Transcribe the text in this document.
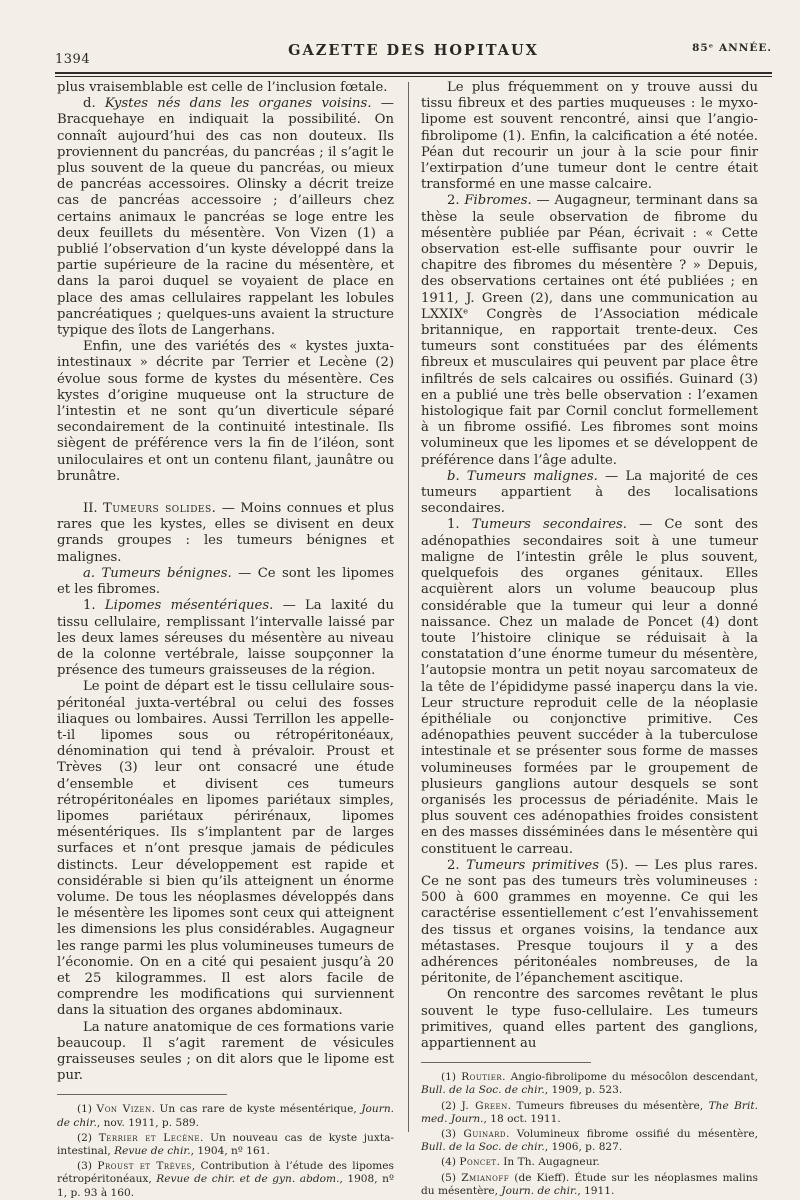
1394
GAZETTE DES HOPITAUX	85ᵉ ANNÉE.

plus vraisemblable est celle de l’inclusion fœtale.

d. Kystes nés dans les organes voisins. — Bracquehaye en indiquait la possibilité. On connaît aujourd’hui des cas non douteux. Ils proviennent du pancréas, du pancréas ; il s’agit le plus souvent de la queue du pancréas, ou mieux de pancréas accessoires. Olinsky a décrit treize cas de pancréas accessoire ; d’ailleurs chez certains animaux le pancréas se loge entre les deux feuillets du mésentère. Von Vizen (1) a publié l’observation d’un kyste développé dans la partie supérieure de la racine du mésentère, et dans la paroi duquel se voyaient de place en place des amas cellulaires rappelant les lobules pancréatiques ; quelques-uns avaient la structure typique des îlots de Langerhans.

Enfin, une des variétés des « kystes juxta-intestinaux » décrite par Terrier et Lecène (2) évolue sous forme de kystes du mésentère. Ces kystes d’origine muqueuse ont la structure de l’intestin et ne sont qu’un diverticule séparé secondairement de la continuité intestinale. Ils siègent de préférence vers la fin de l’iléon, sont uniloculaires et ont un contenu filant, jaunâtre ou brunâtre.

II. Tumeurs solides. — Moins connues et plus rares que les kystes, elles se divisent en deux grands groupes : les tumeurs bénignes et malignes.

a. Tumeurs bénignes. — Ce sont les lipomes et les fibromes.

1. Lipomes mésentériques. — La laxité du tissu cellulaire, remplissant l’intervalle laissé par les deux lames séreuses du mésentère au niveau de la colonne vertébrale, laisse soupçonner la présence des tumeurs graisseuses de la région.

Le point de départ est le tissu cellulaire sous-péritonéal juxta-vertébral ou celui des fosses iliaques ou lombaires. Aussi Terrillon les appelle-t-il lipomes sous ou rétropéritonéaux, dénomination qui tend à prévaloir. Proust et Trèves (3) leur ont consacré une étude d’ensemble et divisent ces tumeurs rétropéritonéales en lipomes pariétaux simples, lipomes pariétaux périrénaux, lipomes mésentériques. Ils s’implantent par de larges surfaces et n’ont presque jamais de pédicules distincts. Leur développement est rapide et considérable si bien qu’ils atteignent un énorme volume. De tous les néoplasmes développés dans le mésentère les lipomes sont ceux qui atteignent les dimensions les plus considérables. Augagneur les range parmi les plus volumineuses tumeurs de l’économie. On en a cité qui pesaient jusqu’à 20 et 25 kilogrammes. Il est alors facile de comprendre les modifications qui surviennent dans la situation des organes abdominaux.

La nature anatomique de ces formations varie beaucoup. Il s’agit rarement de vésicules graisseuses seules ; on dit alors que le lipome est pur.

(1) Von Vizen. Un cas rare de kyste mésentérique, Journ. de chir., nov. 1911, p. 589.

(2) Terrier et Lecène. Un nouveau cas de kyste juxta-intestinal, Revue de chir., 1904, nº 161.

(3) Proust et Trèves, Contribution à l’étude des lipomes rétropéritonéaux, Revue de chir. et de gyn. abdom., 1908, nº 1, p. 93 à 160.

Le plus fréquemment on y trouve aussi du tissu fibreux et des parties muqueuses : le myxo-lipome est souvent rencontré, ainsi que l’angio-fibrolipome (1). Enfin, la calcification a été notée. Péan dut recourir un jour à la scie pour finir l’extirpation d’une tumeur dont le centre était transformé en une masse calcaire.

2. Fibromes. — Augagneur, terminant dans sa thèse la seule observation de fibrome du mésentère publiée par Péan, écrivait : « Cette observation est-elle suffisante pour ouvrir le chapitre des fibromes du mésentère ? » Depuis, des observations certaines ont été publiées ; en 1911, J. Green (2), dans une communication au LXXIXᵉ Congrès de l’Association médicale britannique, en rapportait trente-deux. Ces tumeurs sont constituées par des éléments fibreux et musculaires qui peuvent par place être infiltrés de sels calcaires ou ossifiés. Guinard (3) en a publié une très belle observation : l’examen histologique fait par Cornil conclut formellement à un fibrome ossifié. Les fibromes sont moins volumineux que les lipomes et se développent de préférence dans l’âge adulte.

b. Tumeurs malignes. — La majorité de ces tumeurs appartient à des localisations secondaires.

1. Tumeurs secondaires. — Ce sont des adénopathies secondaires soit à une tumeur maligne de l’intestin grêle le plus souvent, quelquefois des organes génitaux. Elles acquièrent alors un volume beaucoup plus considérable que la tumeur qui leur a donné naissance. Chez un malade de Poncet (4) dont toute l’histoire clinique se réduisait à la constatation d’une énorme tumeur du mésentère, l’autopsie montra un petit noyau sarcomateux de la tête de l’épididyme passé inaperçu dans la vie. Leur structure reproduit celle de la néoplasie épithéliale ou conjonctive primitive. Ces adénopathies peuvent succéder à la tuberculose intestinale et se présenter sous forme de masses volumineuses formées par le groupement de plusieurs ganglions autour desquels se sont organisés les processus de périadénite. Mais le plus souvent ces adénopathies froides consistent en des masses disséminées dans le mésentère qui constituent le carreau.

2. Tumeurs primitives (5). — Les plus rares. Ce ne sont pas des tumeurs très volumineuses : 500 à 600 grammes en moyenne. Ce qui les caractérise essentiellement c’est l’envahissement des tissus et organes voisins, la tendance aux métastases. Presque toujours il y a des adhérences péritonéales nombreuses, de la péritonite, de l’épanchement ascitique.

On rencontre des sarcomes revêtant le plus souvent le type fuso-cellulaire. Les tumeurs primitives, quand elles partent des ganglions, appartiennent au

(1) Routier. Angio-fibrolipome du mésocôlon descendant, Bull. de la Soc. de chir., 1909, p. 523.

(2) J. Green. Tumeurs fibreuses du mésentère, The Brit. med. Journ., 18 oct. 1911.

(3) Guinard. Volumineux fibrome ossifié du mésentère, Bull. de la Soc. de chir., 1906, p. 827.

(4) Poncet. In Th. Augagneur.

(5) Zmianoff (de Kieff). Étude sur les néoplasmes malins du mésentère, Journ. de chir., 1911.
